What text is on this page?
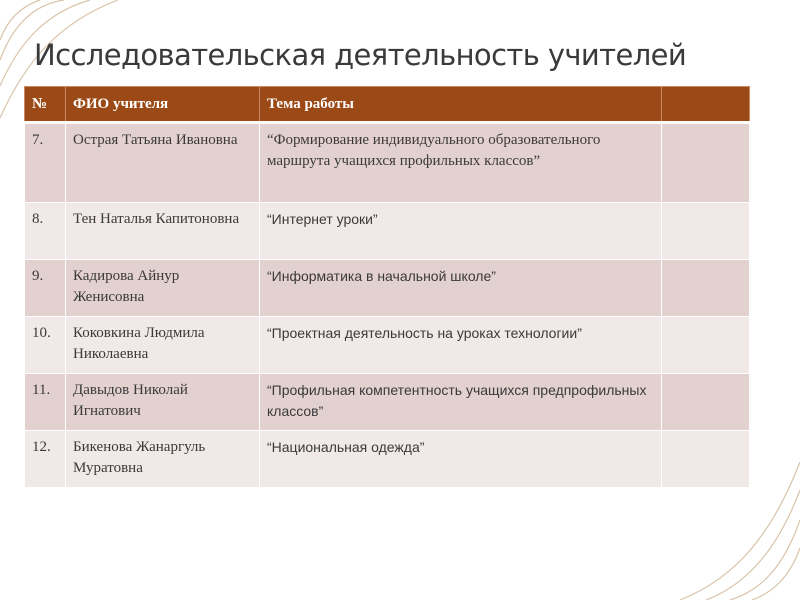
Исследовательская деятельность учителей
№	ФИО учителя	Тема работы	
7.	Острая Татьяна Ивановна	“Формирование индивидуального образовательного маршрута учащихся профильных классов”	
8.	Тен Наталья Капитоновна	“Интернет уроки”	
9.	Кадирова Айнур Женисовна	“Информатика в начальной школе”	
10.	Коковкина Людмила Николаевна	“Проектная деятельность на уроках технологии”	
11.	Давыдов Николай Игнатович	“Профильная компетентность учащихся предпрофильных классов”	
12.	Бикенова Жанаргуль Муратовна	“Национальная одежда”	
